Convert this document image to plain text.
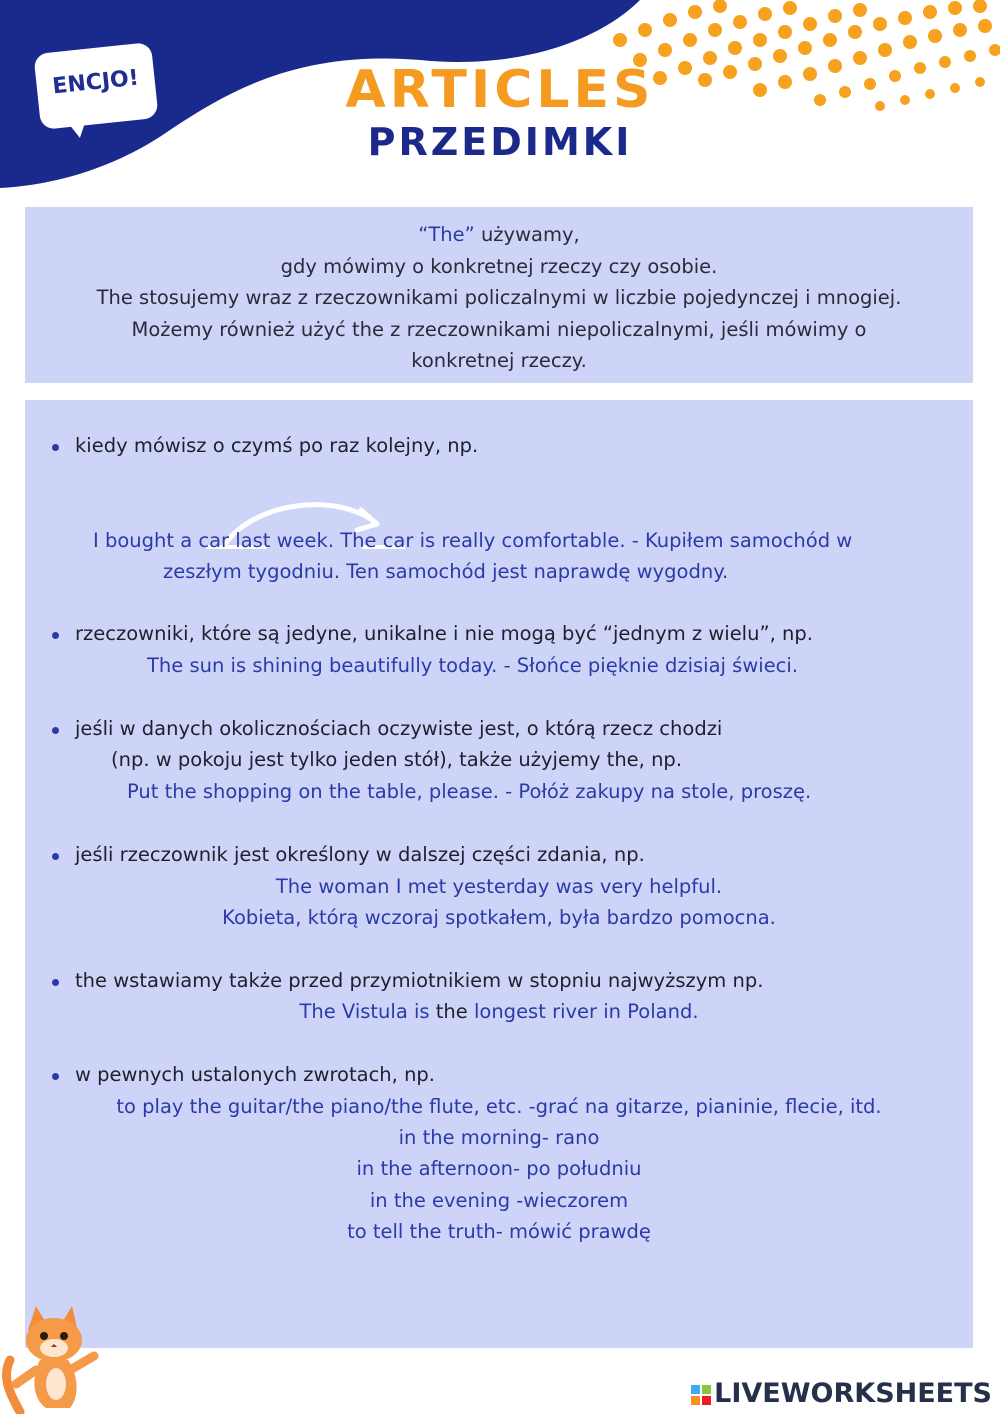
ENCJO!	ARTICLES
PRZEDIMKI

“The” używamy,

gdy mówimy o konkretnej rzeczy czy osobie.

The stosujemy wraz z rzeczownikami policzalnymi w liczbie pojedynczej i mnogiej.

Możemy również użyć the z rzeczownikami niepoliczalnymi, jeśli mówimy o

konkretnej rzeczy.

kiedy mówisz o czymś po raz kolejny, np.
I bought a car last week. The car is really comfortable. - Kupiłem samochód w
zeszłym tygodniu. Ten samochód jest naprawdę wygodny.
rzeczowniki, które są jedyne, unikalne i nie mogą być “jednym z wielu”, np.
The sun is shining beautifully today. - Słońce pięknie dzisiaj świeci.
jeśli w danych okolicznościach oczywiste jest, o którą rzecz chodzi
(np. w pokoju jest tylko jeden stół), także użyjemy the, np.
Put the shopping on the table, please. - Połóż zakupy na stole, proszę.
jeśli rzeczownik jest określony w dalszej części zdania, np.
The woman I met yesterday was very helpful.
Kobieta, którą wczoraj spotkałem, była bardzo pomocna.
the wstawiamy także przed przymiotnikiem w stopniu najwyższym np.
The Vistula is the longest river in Poland.
w pewnych ustalonych zwrotach, np.
to play the guitar/the piano/the flute, etc. -grać na gitarze, pianinie, flecie, itd.
in the morning- rano
in the afternoon- po południu
in the evening -wieczorem
to tell the truth- mówić prawdę
LIVEWORKSHEETS
